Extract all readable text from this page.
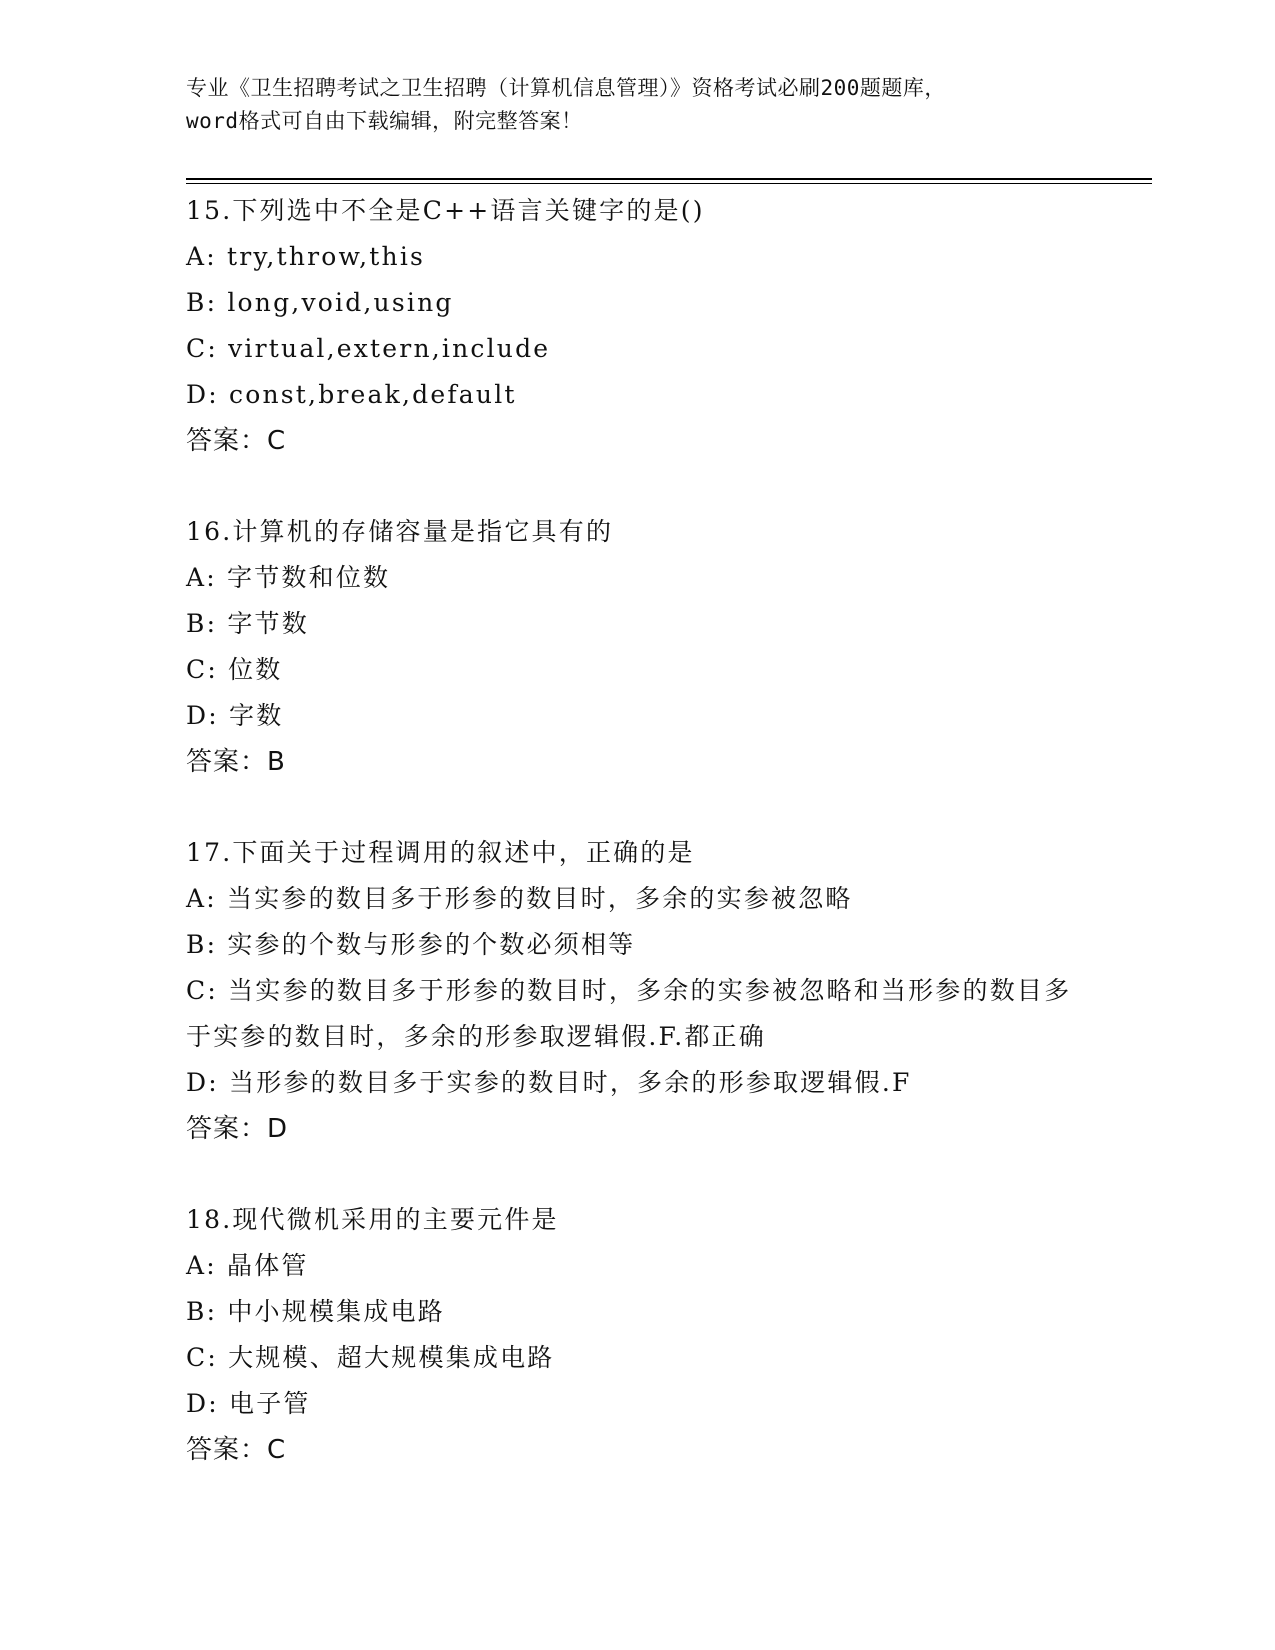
专业《卫生招聘考试之卫生招聘（计算机信息管理）》资格考试必刷200题题库，
word格式可自由下载编辑，附完整答案！
15.下列选中不全是C++语言关键字的是()
A: try,throw,this
B: long,void,using
C: virtual,extern,include
D: const,break,default
答案：C
16.计算机的存储容量是指它具有的
A: 字节数和位数
B: 字节数
C: 位数
D: 字数
答案：B
17.下面关于过程调用的叙述中，正确的是
A: 当实参的数目多于形参的数目时，多余的实参被忽略
B: 实参的个数与形参的个数必须相等
C: 当实参的数目多于形参的数目时，多余的实参被忽略和当形参的数目多于实参的数目时，多余的形参取逻辑假.F.都正确
D: 当形参的数目多于实参的数目时，多余的形参取逻辑假.F
答案：D
18.现代微机采用的主要元件是
A: 晶体管
B: 中小规模集成电路
C: 大规模、超大规模集成电路
D: 电子管
答案：C
